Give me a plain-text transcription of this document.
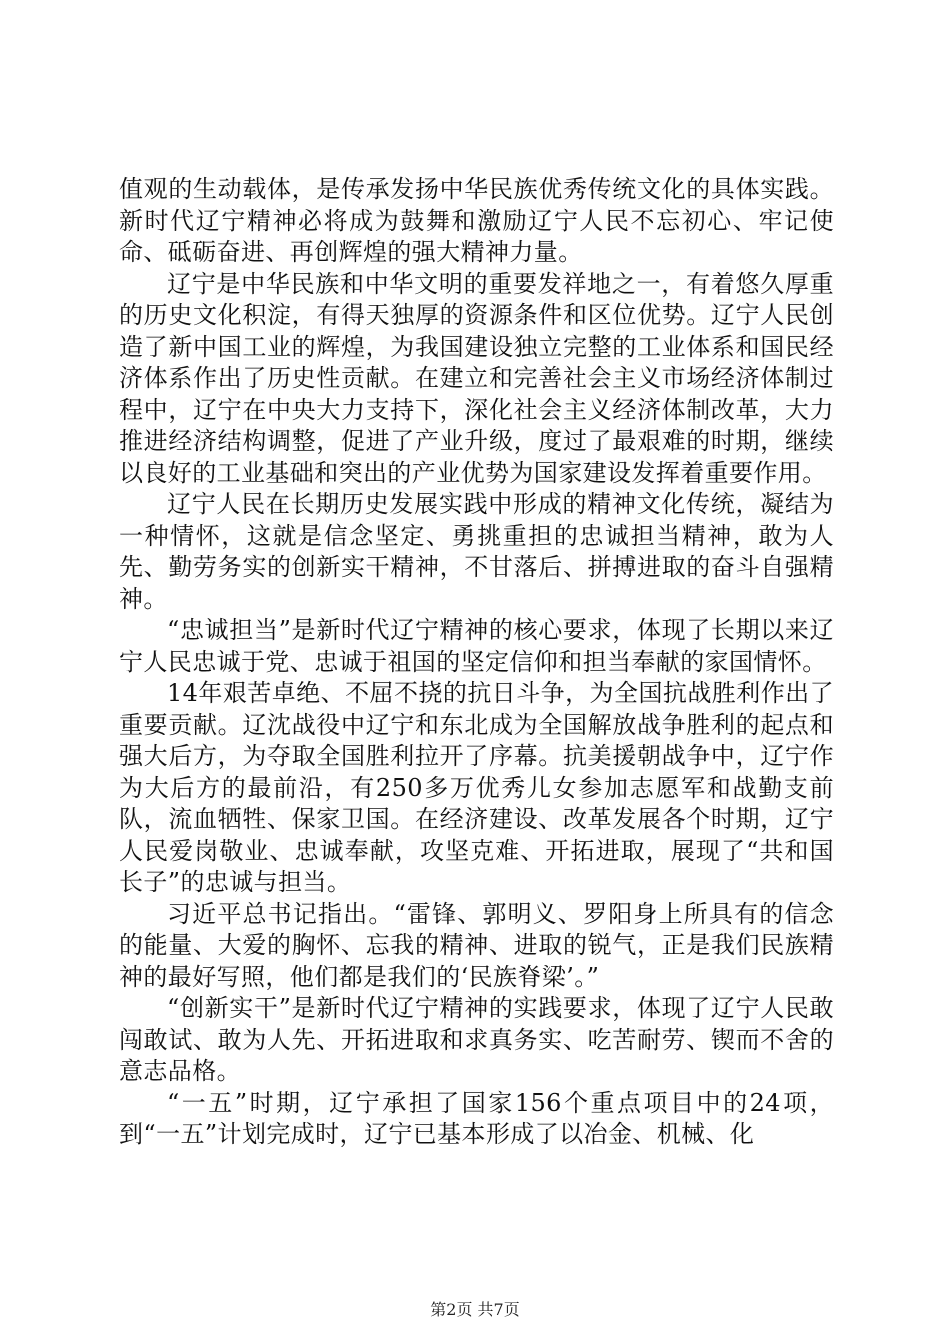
值观的生动载体，是传承发扬中华民族优秀传统文化的具体实践。新时代辽宁精神必将成为鼓舞和激励辽宁人民不忘初心、牢记使命、砥砺奋进、再创辉煌的强大精神力量。

辽宁是中华民族和中华文明的重要发祥地之一，有着悠久厚重的历史文化积淀，有得天独厚的资源条件和区位优势。辽宁人民创造了新中国工业的辉煌，为我国建设独立完整的工业体系和国民经济体系作出了历史性贡献。在建立和完善社会主义市场经济体制过程中，辽宁在中央大力支持下，深化社会主义经济体制改革，大力推进经济结构调整，促进了产业升级，度过了最艰难的时期，继续以良好的工业基础和突出的产业优势为国家建设发挥着重要作用。

辽宁人民在长期历史发展实践中形成的精神文化传统，凝结为一种情怀，这就是信念坚定、勇挑重担的忠诚担当精神，敢为人先、勤劳务实的创新实干精神，不甘落后、拼搏进取的奋斗自强精神。

“忠诚担当”是新时代辽宁精神的核心要求，体现了长期以来辽宁人民忠诚于党、忠诚于祖国的坚定信仰和担当奉献的家国情怀。

14年艰苦卓绝、不屈不挠的抗日斗争，为全国抗战胜利作出了重要贡献。辽沈战役中辽宁和东北成为全国解放战争胜利的起点和强大后方，为夺取全国胜利拉开了序幕。抗美援朝战争中，辽宁作为大后方的最前沿，有250多万优秀儿女参加志愿军和战勤支前队，流血牺牲、保家卫国。在经济建设、改革发展各个时期，辽宁人民爱岗敬业、忠诚奉献，攻坚克难、开拓进取，展现了“共和国长子”的忠诚与担当。

习近平总书记指出。“雷锋、郭明义、罗阳身上所具有的信念的能量、大爱的胸怀、忘我的精神、进取的锐气，正是我们民族精神的最好写照，他们都是我们的‘民族脊梁’。”

“创新实干”是新时代辽宁精神的实践要求，体现了辽宁人民敢闯敢试、敢为人先、开拓进取和求真务实、吃苦耐劳、锲而不舍的意志品格。

“一五”时期，辽宁承担了国家156个重点项目中的24项，到“一五”计划完成时，辽宁已基本形成了以冶金、机械、化

第2页 共7页
